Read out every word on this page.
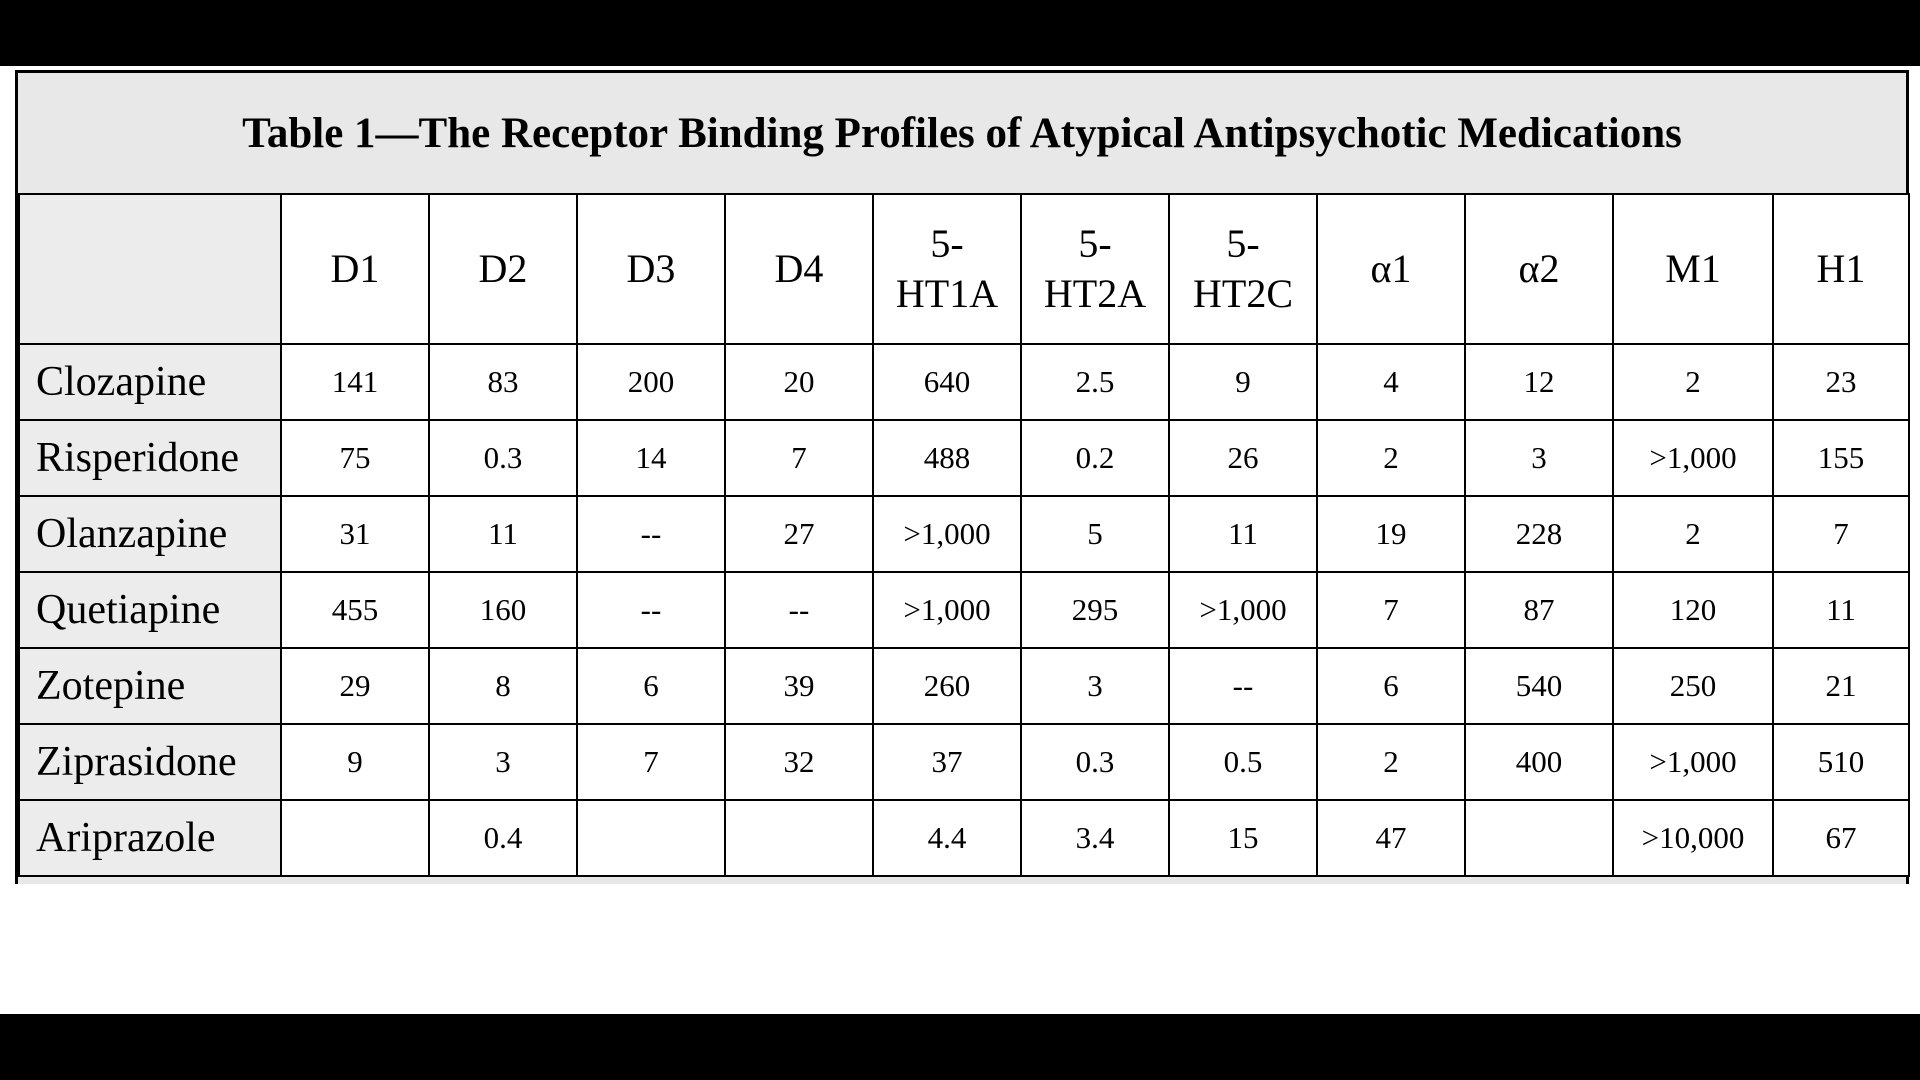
Table 1—The Receptor Binding Profiles of Atypical Antipsychotic Medications

	D1	D2	D3	D4	5-
HT1A	5-
HT2A	5-
HT2C	α1	α2	M1	H1

Clozapine	141	83	200	20	640	2.5	9	4	12	2	23
Risperidone	75	0.3	14	7	488	0.2	26	2	3	>1,000	155
Olanzapine	31	11	--	27	>1,000	5	11	19	228	2	7
Quetiapine	455	160	--	--	>1,000	295	>1,000	7	87	120	11
Zotepine	29	8	6	39	260	3	--	6	540	250	21
Ziprasidone	9	3	7	32	37	0.3	0.5	2	400	>1,000	510
Ariprazole		0.4			4.4	3.4	15	47		>10,000	67
